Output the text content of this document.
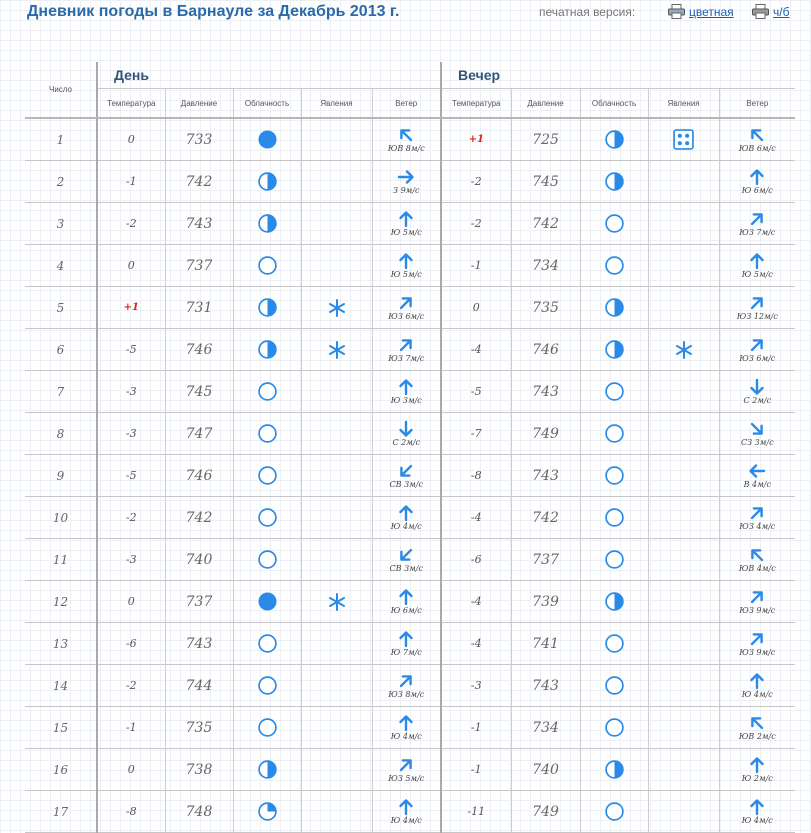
Дневник погоды в Барнауле за Декабрь 2013 г.	печатная версия:	цветная	ч/б
Число	День					Вечер				
	Температура	Давление	Облачность	Явления	Ветер	Температура	Давление	Облачность	Явления	Ветер
1	0	733			ЮВ 8м/с	+1	725			ЮВ 6м/с

2	-1	742			З 9м/с	-2	745			Ю 6м/с

3	-2	743			Ю 5м/с	-2	742			ЮЗ 7м/с

4	0	737			Ю 5м/с	-1	734			Ю 5м/с

5	+1	731			ЮЗ 6м/с	0	735			ЮЗ 12м/с

6	-5	746			ЮЗ 7м/с	-4	746			ЮЗ 6м/с

7	-3	745			Ю 3м/с	-5	743			С 2м/с

8	-3	747			С 2м/с	-7	749			СЗ 3м/с

9	-5	746			СВ 3м/с	-8	743			В 4м/с

10	-2	742			Ю 4м/с	-4	742			ЮЗ 4м/с

11	-3	740			СВ 3м/с	-6	737			ЮВ 4м/с

12	0	737			Ю 6м/с	-4	739			ЮЗ 9м/с

13	-6	743			Ю 7м/с	-4	741			ЮЗ 9м/с

14	-2	744			ЮЗ 8м/с	-3	743			Ю 4м/с

15	-1	735			Ю 4м/с	-1	734			ЮВ 2м/с

16	0	738			ЮЗ 5м/с	-1	740			Ю 2м/с

17	-8	748			Ю 4м/с	-11	749			Ю 4м/с
